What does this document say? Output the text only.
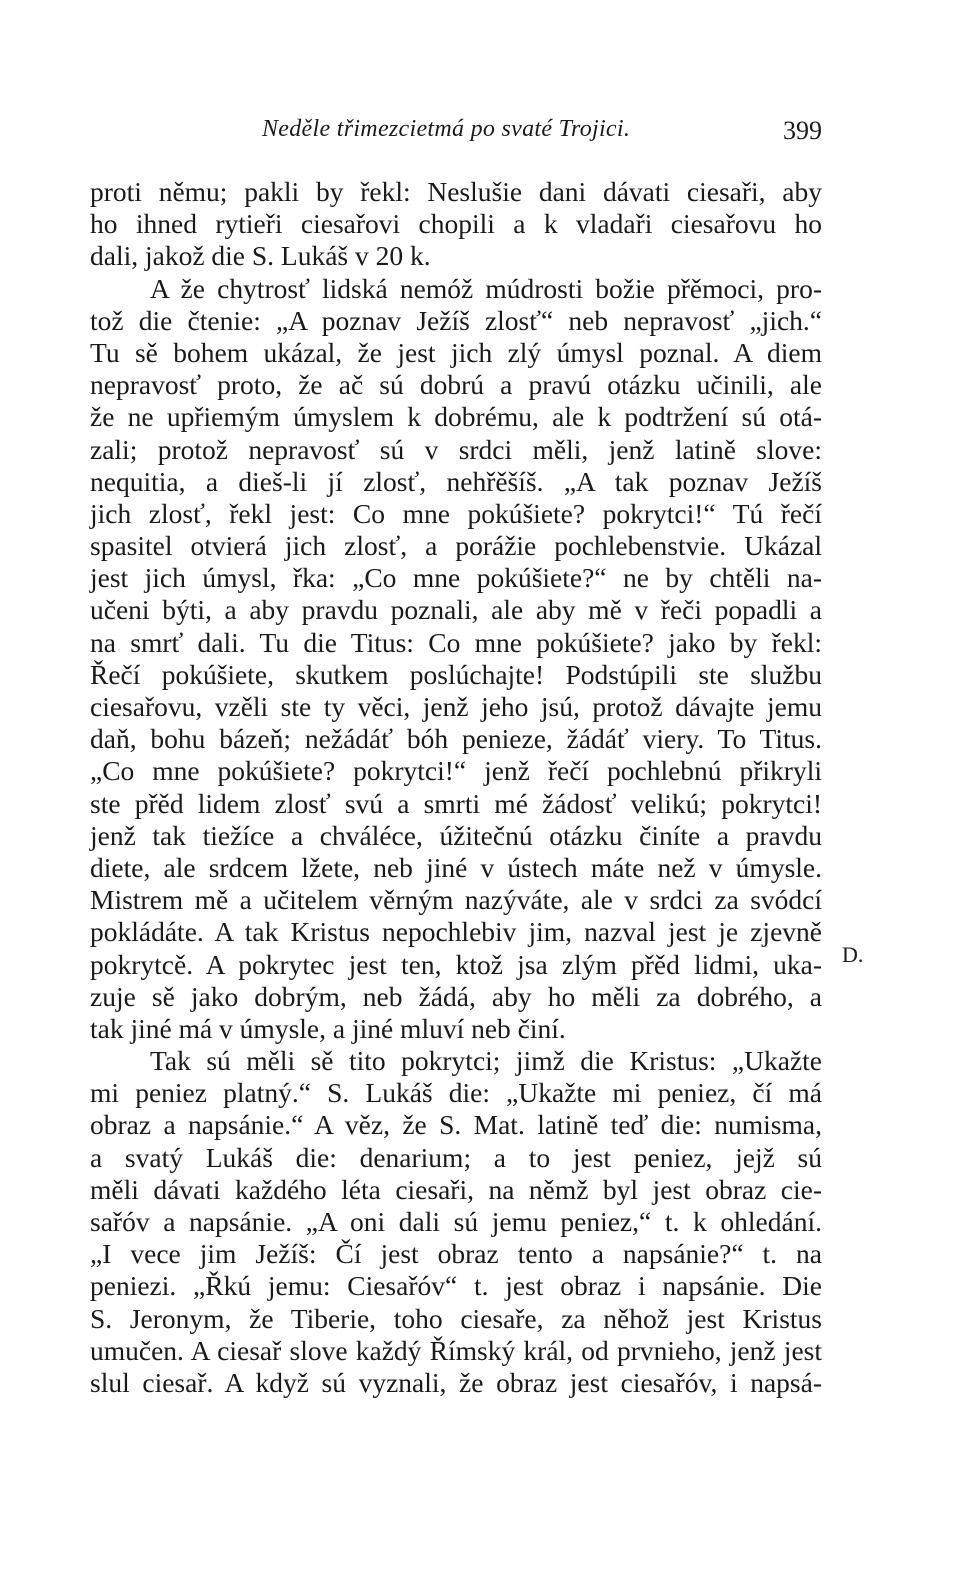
Neděle třimezcietmá po svaté Trojici.	399
proti němu; pakli by řekl: Neslušie dani dávati ciesaři, aby
ho ihned rytieři ciesařovi chopili a k vladaři ciesařovu ho
dali, jakož die S. Lukáš v 20 k.
A že chytrosť lidská nemóž múdrosti božie přěmoci, pro-
tož die čtenie: „A poznav Ježíš zlosť“ neb nepravosť „jich.“
Tu sě bohem ukázal, že jest jich zlý úmysl poznal. A diem
nepravosť proto, že ač sú dobrú a pravú otázku učinili, ale
že ne upřiemým úmyslem k dobrému, ale k podtržení sú otá-
zali; protož nepravosť sú v srdci měli, jenž latině slove:
nequitia, a dieš-li jí zlosť, nehřěšíš. „A tak poznav Ježíš
jich zlosť, řekl jest: Co mne pokúšiete? pokrytci!“ Tú řečí
spasitel otvierá jich zlosť, a porážie pochlebenstvie. Ukázal
jest jich úmysl, řka: „Co mne pokúšiete?“ ne by chtěli na-
učeni býti, a aby pravdu poznali, ale aby mě v řeči popadli a
na smrť dali. Tu die Titus: Co mne pokúšiete? jako by řekl:
Řečí pokúšiete, skutkem poslúchajte! Podstúpili ste službu
ciesařovu, vzěli ste ty věci, jenž jeho jsú, protož dávajte jemu
daň, bohu bázeň; nežádáť bóh penieze, žádáť viery. To Titus.
„Co mne pokúšiete? pokrytci!“ jenž řečí pochlebnú přikryli
ste přěd lidem zlosť svú a smrti mé žádosť velikú; pokrytci!
jenž tak tiežíce a chváléce, úžitečnú otázku činíte a pravdu
diete, ale srdcem lžete, neb jiné v ústech máte než v úmysle.
Mistrem mě a učitelem věrným nazýváte, ale v srdci za svódcí
pokládáte. A tak Kristus nepochlebiv jim, nazval jest je zjevně
pokrytcě. A pokrytec jest ten, ktož jsa zlým přěd lidmi, uka-
zuje sě jako dobrým, neb žádá, aby ho měli za dobrého, a
tak jiné má v úmysle, a jiné mluví neb činí.
Tak sú měli sě tito pokrytci; jimž die Kristus: „Ukažte
mi peniez platný.“ S. Lukáš die: „Ukažte mi peniez, čí má
obraz a napsánie.“ A věz, že S. Mat. latině teď die: numisma,
a svatý Lukáš die: denarium; a to jest peniez, jejž sú
měli dávati každého léta ciesaři, na němž byl jest obraz cie-
sařóv a napsánie. „A oni dali sú jemu peniez,“ t. k ohledání.
„I vece jim Ježíš: Čí jest obraz tento a napsánie?“ t. na
peniezi. „Řkú jemu: Ciesařóv“ t. jest obraz i napsánie. Die
S. Jeronym, že Tiberie, toho ciesaře, za něhož jest Kristus
umučen. A ciesař slove každý Římský král, od prvnieho, jenž jest
slul ciesař. A když sú vyznali, že obraz jest ciesařóv, i napsá-
D.
